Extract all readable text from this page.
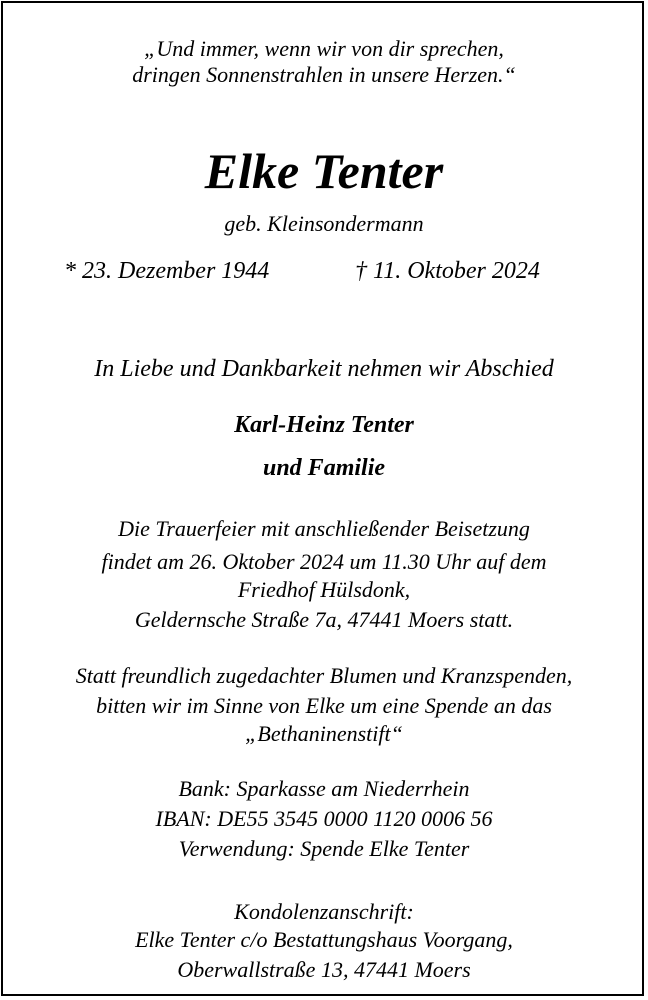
„Und immer, wenn wir von dir sprechen,
dringen Sonnenstrahlen in unsere Herzen.“
Elke Tenter
geb. Kleinsondermann
* 23. Dezember 1944	† 11. Oktober 2024
In Liebe und Dankbarkeit nehmen wir Abschied
Karl-Heinz Tenter
und Familie
Die Trauerfeier mit anschließender Beisetzung
findet am 26. Oktober 2024 um 11.30 Uhr auf dem
Friedhof Hülsdonk,
Geldernsche Straße 7a, 47441 Moers statt.
Statt freundlich zugedachter Blumen und Kranzspenden,
bitten wir im Sinne von Elke um eine Spende an das
„Bethaninenstift“
Bank: Sparkasse am Niederrhein
IBAN: DE55 3545 0000 1120 0006 56
Verwendung: Spende Elke Tenter
Kondolenzanschrift:
Elke Tenter c/o Bestattungshaus Voorgang,
Oberwallstraße 13, 47441 Moers
